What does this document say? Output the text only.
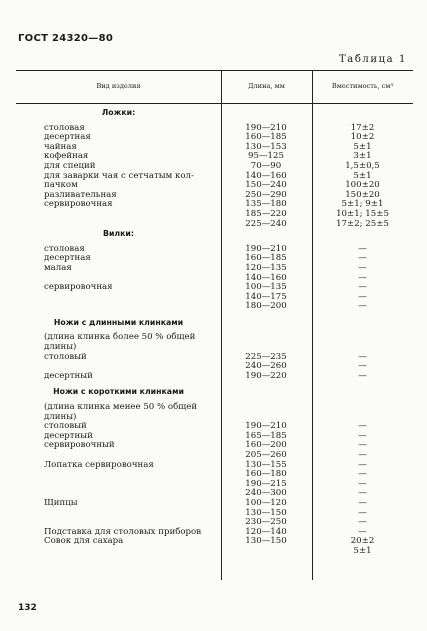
ГОСТ 24320—80
Таблица 1
Вид изделия	Длина, мм	Вместимость, см³
Ложки:
столовая	190—210	17±2
десертная	160—185	10±2
чайная	130—153	5±1
кофейная	95—125	3±1
для специй	70—90	1,5±0,5
для заварки чая с сетчатым кол-	140—160	5±1
пачком	150—240	100±20
разливательная	250—290	150±20
сервировочная	135—180	5±1; 9±1
185—220	10±1; 15±5
225—240	17±2; 25±5
Вилки:
столовая	190—210	—
десертная	160—185	—
малая	120—135	—
140—160	—
сервировочная	100—135	—
140—175	—
180—200	—
Ножи с длинными клинками
(длина клинка более 50 % общей
длины)
столовый	225—235	—
240—260	—
десертный	190—220	—
Ножи с короткими клинками
(длина клинка менее 50 % общей
длины)
столовый	190—210	—
десертный	165—185	—
сервировочный	160—200	—
205—260	—
Лопатка сервировочная	130—155	—
160—180	—
190—215	—
240—300	—
Щипцы	100—120	—
130—150	—
230—250	—
Подставка для столовых приборов	120—140	—
Совок для сахара	130—150	20±2
5±1
132
